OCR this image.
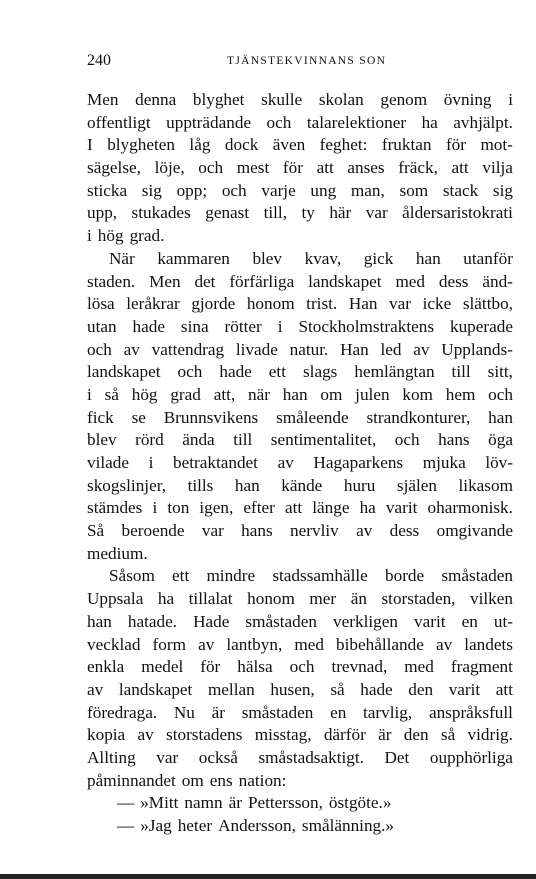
240	TJÄNSTEKVINNANS SON
Men denna blyghet skulle skolan genom övning i
offentligt uppträdande och talarelektioner ha avhjälpt.
I blygheten låg dock även feghet: fruktan för mot-
sägelse, löje, och mest för att anses fräck, att vilja
sticka sig opp; och varje ung man, som stack sig
upp, stukades genast till, ty här var åldersaristokrati
i hög grad.
När kammaren blev kvav, gick han utanför
staden. Men det förfärliga landskapet med dess änd-
lösa leråkrar gjorde honom trist. Han var icke slättbo,
utan hade sina rötter i Stockholmstraktens kuperade
och av vattendrag livade natur. Han led av Upplands-
landskapet och hade ett slags hemlängtan till sitt,
i så hög grad att, när han om julen kom hem och
fick se Brunnsvikens småleende strandkonturer, han
blev rörd ända till sentimentalitet, och hans öga
vilade i betraktandet av Hagaparkens mjuka löv-
skogslinjer, tills han kände huru själen likasom
stämdes i ton igen, efter att länge ha varit oharmonisk.
Så beroende var hans nervliv av dess omgivande
medium.
Såsom ett mindre stadssamhälle borde småstaden
Uppsala ha tillalat honom mer än storstaden, vilken
han hatade. Hade småstaden verkligen varit en ut-
vecklad form av lantbyn, med bibehållande av landets
enkla medel för hälsa och trevnad, med fragment
av landskapet mellan husen, så hade den varit att
föredraga. Nu är småstaden en tarvlig, anspråksfull
kopia av storstadens misstag, därför är den så vidrig.
Allting var också småstadsaktigt. Det oupphörliga
påminnandet om ens nation:
— »Mitt namn är Pettersson, östgöte.»
— »Jag heter Andersson, smålänning.»
